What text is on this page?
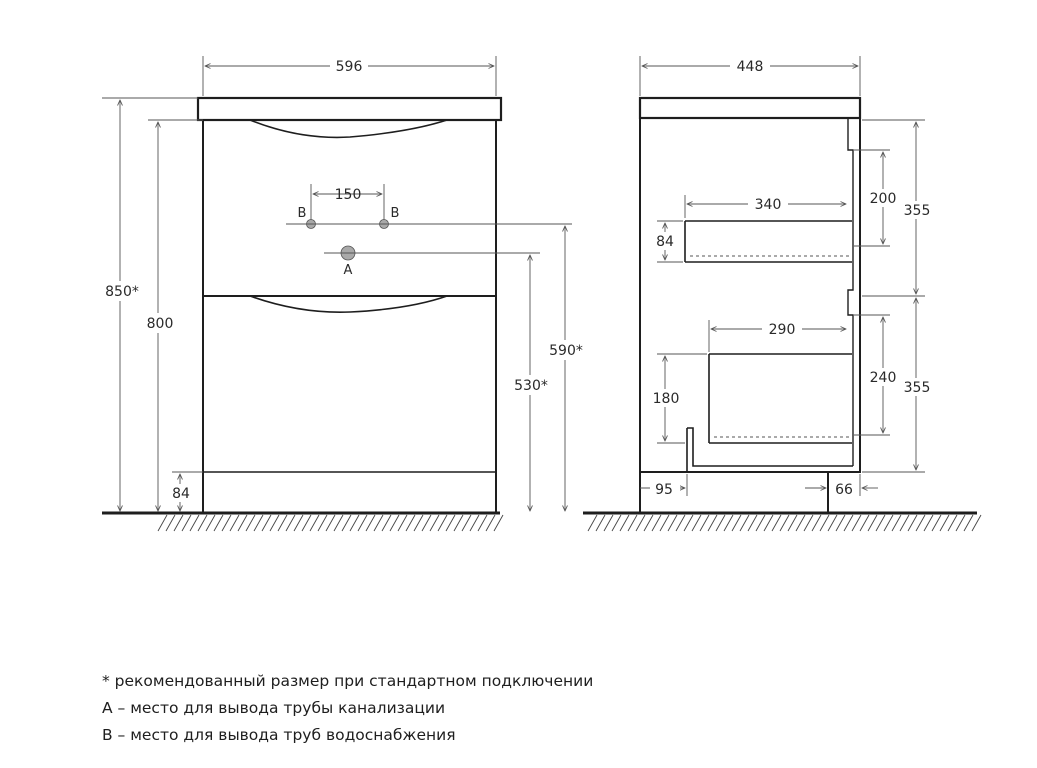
596
150
B	B
A
850*
800
84
590*
530*
448
340
84
200
355
290
180
240
355
95	66
* рекомендованный размер при стандартном подключении
А – место для вывода трубы канализации
В – место для вывода труб водоснабжения
